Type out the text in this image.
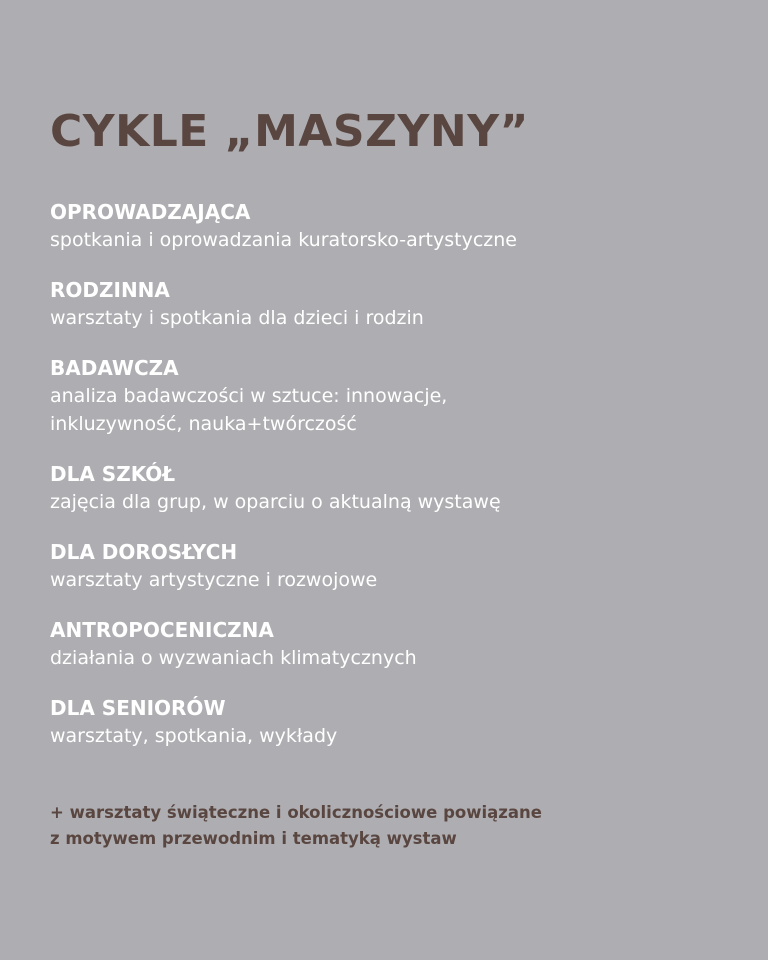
CYKLE „MASZYNY”
OPROWADZAJĄCA
spotkania i oprowadzania kuratorsko-artystyczne
RODZINNA
warsztaty i spotkania dla dzieci i rodzin
BADAWCZA
analiza badawczości w sztuce: innowacje,
inkluzywność, nauka+twórczość
DLA SZKÓŁ
zajęcia dla grup, w oparciu o aktualną wystawę
DLA DOROSŁYCH
warsztaty artystyczne i rozwojowe
ANTROPOCENICZNA
działania o wyzwaniach klimatycznych
DLA SENIORÓW
warsztaty, spotkania, wykłady
+ warsztaty świąteczne i okolicznościowe powiązane
z motywem przewodnim i tematyką wystaw
